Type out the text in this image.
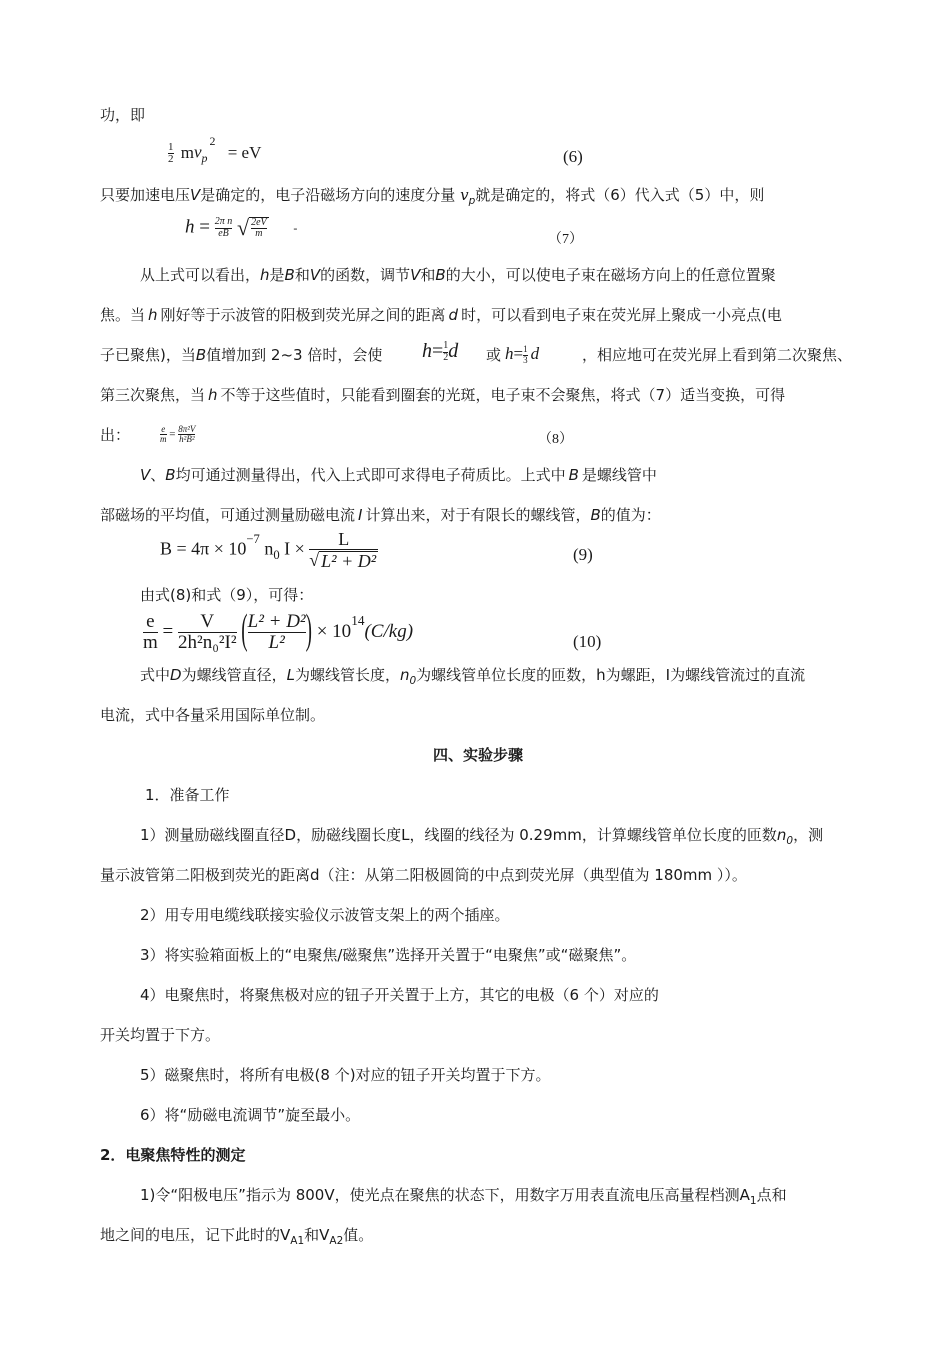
功，即
$\frac{1}{2} mv_p^2$ = eV	(6)
只要加速电压V是确定的，电子沿磁场方向的速度分量 $v_p$就是确定的，将式（6）代入式（5）中，则
$h = \frac{\text{2π n}}{eB}$ √ $\frac{2eV}{m}$ -
（7）
从上式可以看出，h是B和V的函数，调节V和B的大小，可以使电子束在磁场方向上的任意位置聚
焦。当 h 刚好等于示波管的阳极到荧光屏之间的距离 d 时，可以看到电子束在荧光屏上聚成一小亮点(电
子已聚焦)，当B值增加到 2~3 倍时，会使 $h= \frac{1}{2}$ d 或 $h= \frac{1}{3}$ d	，相应地可在荧光屏上看到第二次聚焦、
第三次聚焦，当 h 不等于这些值时，只能看到圈套的光斑，电子束不会聚焦，将式（7）适当变换，可得
出：	$\frac{e}{m} = \frac{\text{8π²V}}{\text{h²B²}}$	（8）
V、B均可通过测量得出，代入上式即可求得电子荷质比。上式中 B 是螺线管中
部磁场的平均值，可通过测量励磁电流 I 计算出来，对于有限长的螺线管，B的值为：
$B = 4\pi \times 10^{-7}$ $n_0$ $I \times \frac{L}{\text{√ L² + D²}}$	(9)
由式(8)和式（9），可得：
$\frac{e}{m} = \frac{V}{\text{2h²n₀²I²}}$ ( $\frac{\text{L² + D²}}{\text{L²}}$ ) × $10^{14}(C/kg)$	(10)
式中D为螺线管直径，L为螺线管长度，$n_0$为螺线管单位长度的匝数，h为螺距，I为螺线管流过的直流
电流，式中各量采用国际单位制。
四、实验步骤
1．准备工作
1）测量励磁线圈直径D，励磁线圈长度L，线圈的线径为 0.29mm，计算螺线管单位长度的匝数$n_0$，测
量示波管第二阳极到荧光的距离d（注：从第二阳极圆筒的中点到荧光屏（典型值为 180mm ））。
2）用专用电缆线联接实验仪示波管支架上的两个插座。
3）将实验箱面板上的“电聚焦/磁聚焦”选择开关置于“电聚焦”或“磁聚焦”。
4）电聚焦时，将聚焦极对应的钮子开关置于上方，其它的电极（6 个）对应的
开关均置于下方。
5）磁聚焦时，将所有电极(8 个)对应的钮子开关均置于下方。
6）将“励磁电流调节”旋至最小。
2．电聚焦特性的测定
1)令“阳极电压”指示为 800V，使光点在聚焦的状态下，用数字万用表直流电压高量程档测$A_1$点和
地之间的电压，记下此时的$V_{A1}$和$V_{A2}$值。
